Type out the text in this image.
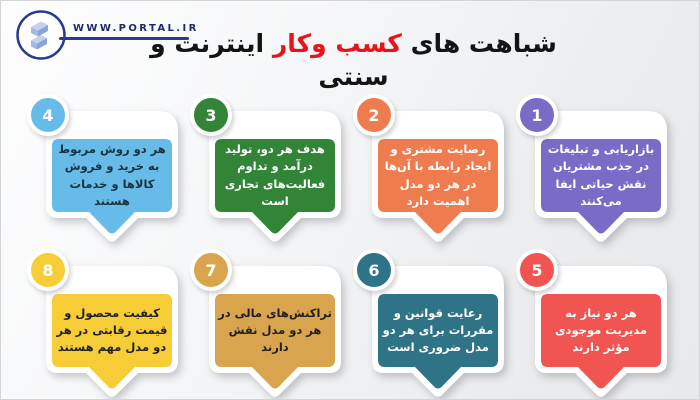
WWW.PORTAL.IR
شباهت های کسب وکار اینترنت و سنتی
4
هر دو روش مربوط به خرید و فروش کالاها و خدمات هستند
3
هدف هر دو، تولید درآمد و تداوم فعالیت‌های تجاری است
2
رضایت مشتری و ایجاد رابطه با آن‌ها در هر دو مدل اهمیت دارد
1
بازاریابی و تبلیغات در جذب مشتریان نقش حیاتی ایفا می‌کنند
8
کیفیت محصول و قیمت رقابتی در هر دو مدل مهم هستند
7
تراکنش‌های مالی در هر دو مدل نقش دارند
6
رعایت قوانین و مقررات برای هر دو مدل ضروری است
5
هر دو نیاز به مدیریت موجودی مؤثر دارند
